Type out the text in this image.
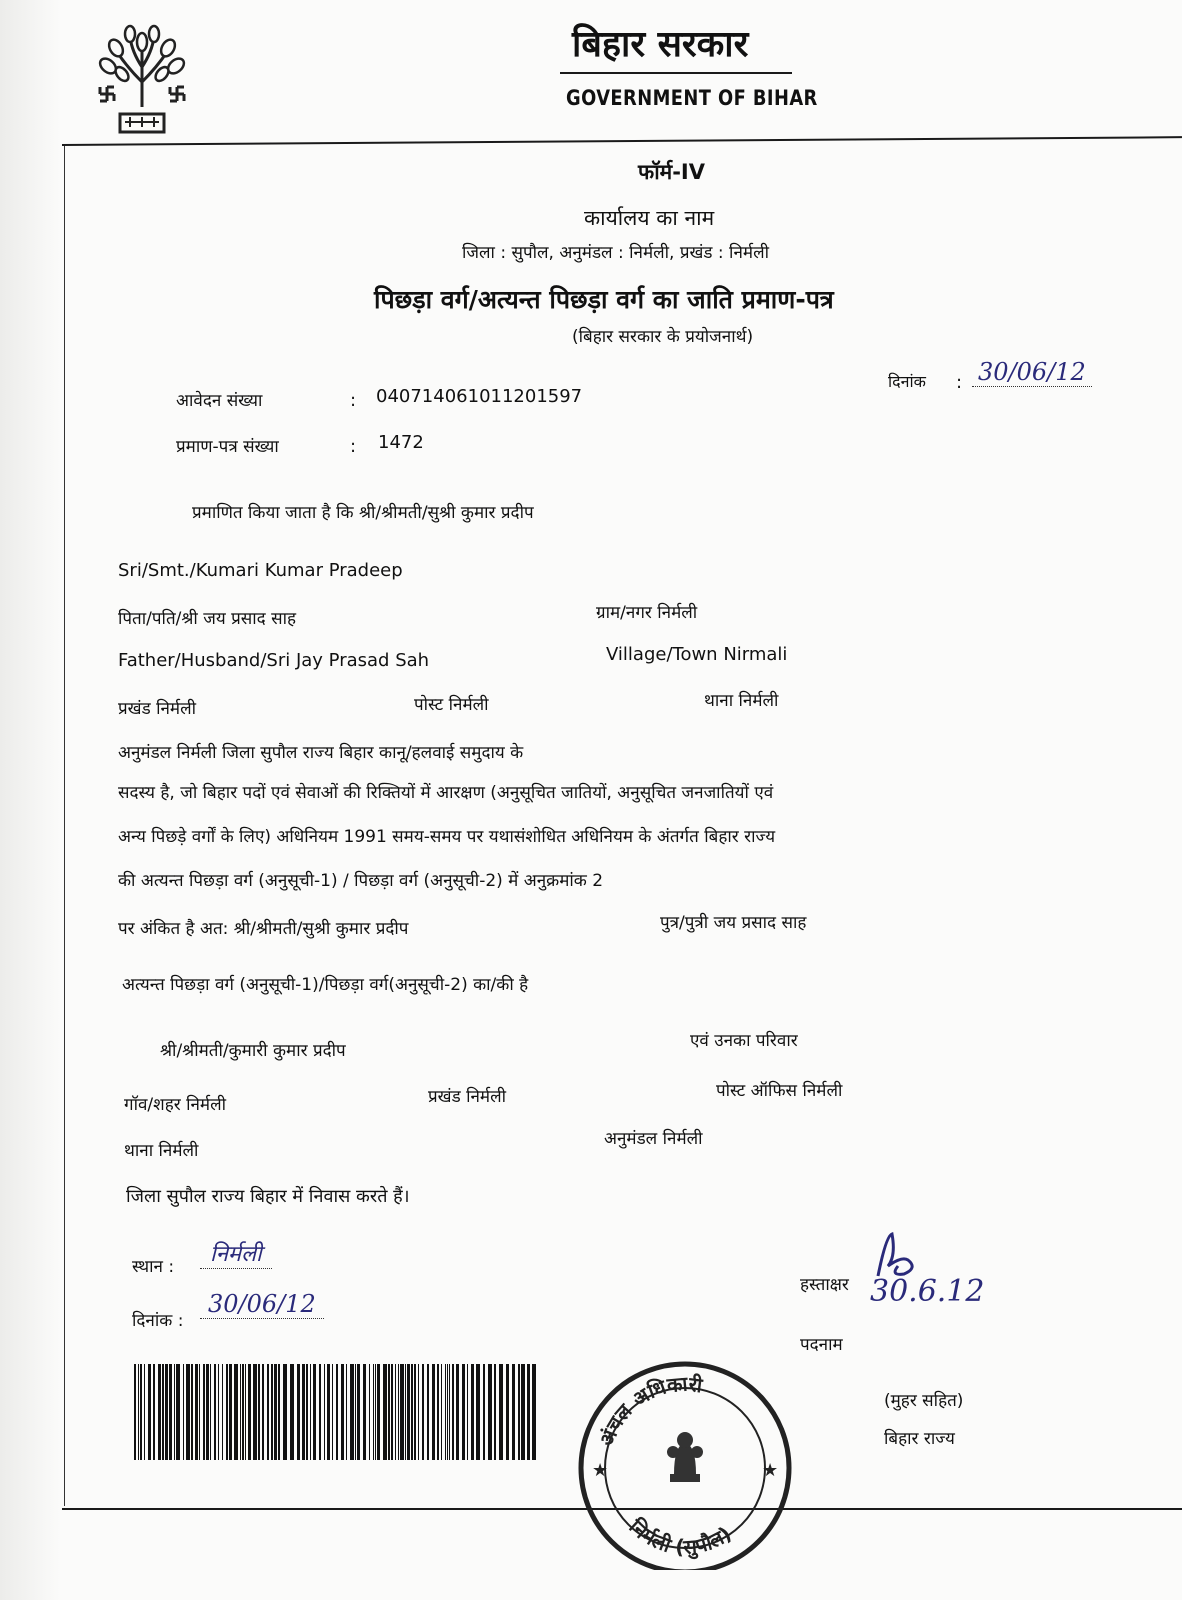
बिहार सरकार
GOVERNMENT OF BIHAR
फॉर्म-IV
कार्यालय का नाम
जिला : सुपौल, अनुमंडल : निर्मली, प्रखंड : निर्मली
पिछड़ा वर्ग/अत्यन्त पिछड़ा वर्ग का जाति प्रमाण-पत्र
(बिहार सरकार के प्रयोजनार्थ)
दिनांक : 30/06/12
आवेदन संख्या	: 040714061011201597
प्रमाण-पत्र संख्या	: 1472
प्रमाणित किया जाता है कि श्री/श्रीमती/सुश्री कुमार प्रदीप
Sri/Smt./Kumari Kumar Pradeep
पिता/पति/श्री जय प्रसाद साह	ग्राम/नगर निर्मली
Father/Husband/Sri Jay Prasad Sah	Village/Town Nirmali
प्रखंड निर्मली	पोस्ट निर्मली	थाना निर्मली
अनुमंडल निर्मली जिला सुपौल राज्य बिहार कानू/हलवाई समुदाय के
सदस्य है, जो बिहार पदों एवं सेवाओं की रिक्तियों में आरक्षण (अनुसूचित जातियों, अनुसूचित जनजातियों एवं
अन्य पिछड़े वर्गों के लिए) अधिनियम 1991 समय-समय पर यथासंशोधित अधिनियम के अंतर्गत बिहार राज्य
की अत्यन्त पिछड़ा वर्ग (अनुसूची-1) / पिछड़ा वर्ग (अनुसूची-2) में अनुक्रमांक 2
पर अंकित है अत: श्री/श्रीमती/सुश्री कुमार प्रदीप	पुत्र/पुत्री जय प्रसाद साह
अत्यन्त पिछड़ा वर्ग (अनुसूची-1)/पिछड़ा वर्ग(अनुसूची-2) का/की है
श्री/श्रीमती/कुमारी कुमार प्रदीप	एवं उनका परिवार
गॉव/शहर निर्मली	प्रखंड निर्मली	पोस्ट ऑफिस निर्मली
थाना निर्मली
अनुमंडल निर्मली
जिला सुपौल राज्य बिहार में निवास करते हैं।
स्थान :	निर्मली
दिनांक :
30/06/12
हस्ताक्षर 30.6.12
पदनाम
(मुहर सहित)
बिहार राज्य
अंचल अधिकारी
निर्मली (सुपौल)
★	★
